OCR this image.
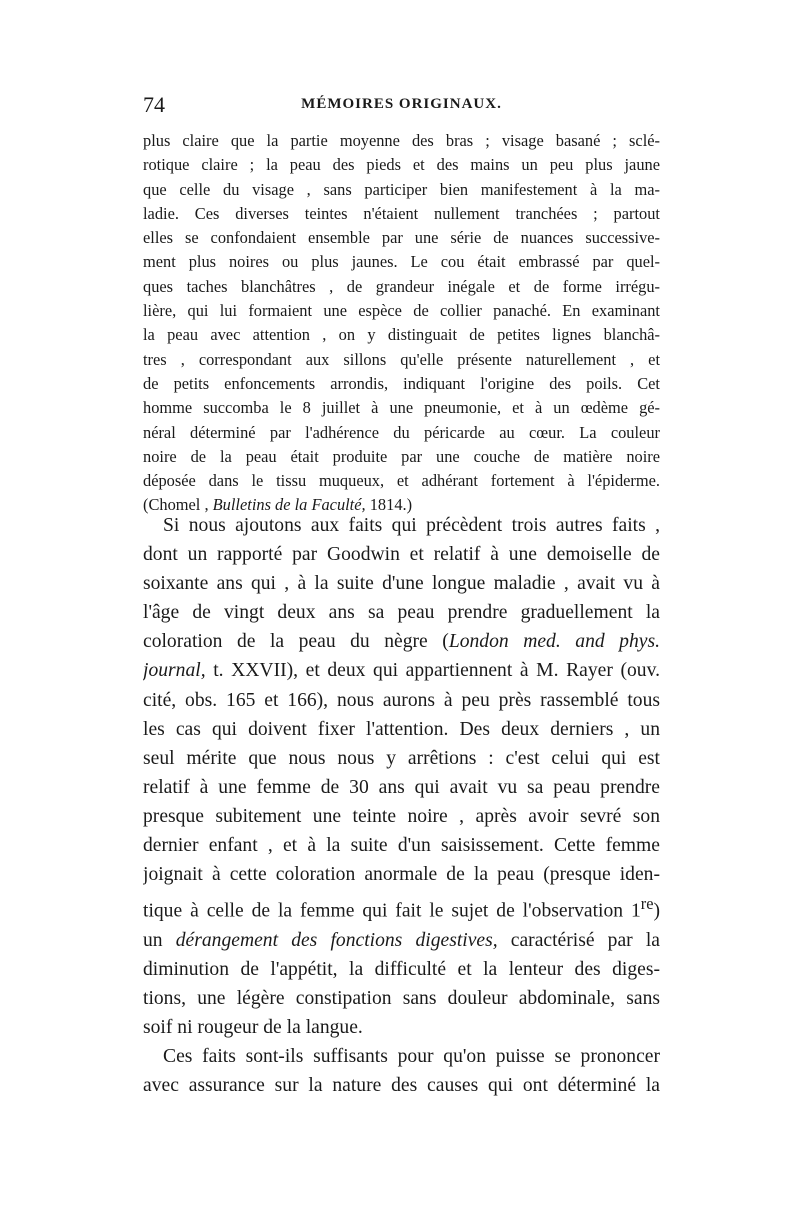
74	MÉMOIRES ORIGINAUX.
plus claire que la partie moyenne des bras ; visage basané ; sclé-
rotique claire ; la peau des pieds et des mains un peu plus jaune
que celle du visage , sans participer bien manifestement à la ma-
ladie. Ces diverses teintes n'étaient nullement tranchées ; partout
elles se confondaient ensemble par une série de nuances successive-
ment plus noires ou plus jaunes. Le cou était embrassé par quel-
ques taches blanchâtres , de grandeur inégale et de forme irrégu-
lière, qui lui formaient une espèce de collier panaché. En examinant
la peau avec attention , on y distinguait de petites lignes blanchâ-
tres , correspondant aux sillons qu'elle présente naturellement , et
de petits enfoncements arrondis, indiquant l'origine des poils. Cet
homme succomba le 8 juillet à une pneumonie, et à un œdème gé-
néral déterminé par l'adhérence du péricarde au cœur. La couleur
noire de la peau était produite par une couche de matière noire
déposée dans le tissu muqueux, et adhérant fortement à l'épiderme.
(Chomel , Bulletins de la Faculté, 1814.)

Si nous ajoutons aux faits qui précèdent trois autres faits ,
dont un rapporté par Goodwin et relatif à une demoiselle de
soixante ans qui , à la suite d'une longue maladie , avait vu à
l'âge de vingt deux ans sa peau prendre graduellement la
coloration de la peau du nègre (London med. and phys.
journal, t. XXVII), et deux qui appartiennent à M. Rayer (ouv.
cité, obs. 165 et 166), nous aurons à peu près rassemblé tous
les cas qui doivent fixer l'attention. Des deux derniers , un
seul mérite que nous nous y arrêtions : c'est celui qui est
relatif à une femme de 30 ans qui avait vu sa peau prendre
presque subitement une teinte noire , après avoir sevré son
dernier enfant , et à la suite d'un saisissement. Cette femme
joignait à cette coloration anormale de la peau (presque iden-
tique à celle de la femme qui fait le sujet de l'observation 1re)
un dérangement des fonctions digestives, caractérisé par la
diminution de l'appétit, la difficulté et la lenteur des diges-
tions, une légère constipation sans douleur abdominale, sans
soif ni rougeur de la langue.

Ces faits sont-ils suffisants pour qu'on puisse se prononcer
avec assurance sur la nature des causes qui ont déterminé la
